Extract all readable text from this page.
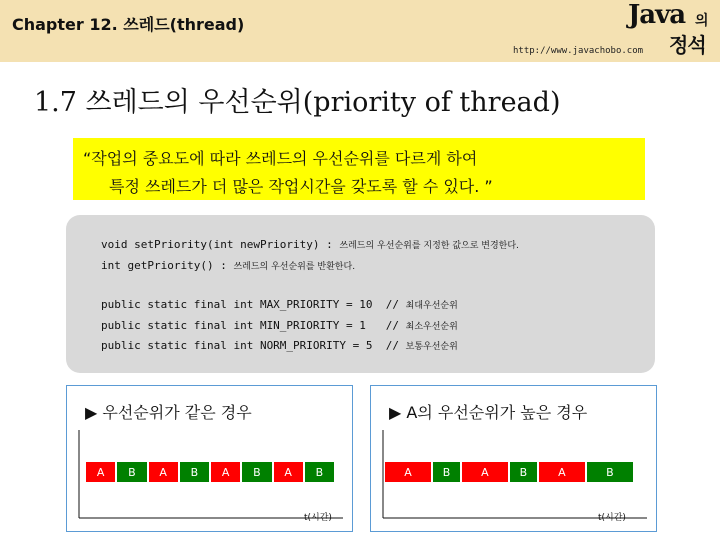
Chapter 12. 쓰레드(thread)
http://www.javachobo.com
Java 의
정석
1.7 쓰레드의 우선순위(priority of thread)
“작업의 중요도에 따라 쓰레드의 우선순위를 다르게 하여
특정 쓰레드가 더 많은 작업시간을 갖도록 할 수 있다. ”
void setPriority(int newPriority) : 쓰레드의 우선순위를 지정한 값으로 변경한다.
int getPriority() : 쓰레드의 우선순위를 반환한다.
public static final int MAX_PRIORITY = 10  // 최대우선순위
public static final int MIN_PRIORITY = 1   // 최소우선순위
public static final int NORM_PRIORITY = 5  // 보통우선순위
▶ 우선순위가 같은 경우
t(시간)
A	B	A	B	A	B	A	B
▶ A의 우선순위가 높은 경우
t(시간)
A	B	A	B	A	B
